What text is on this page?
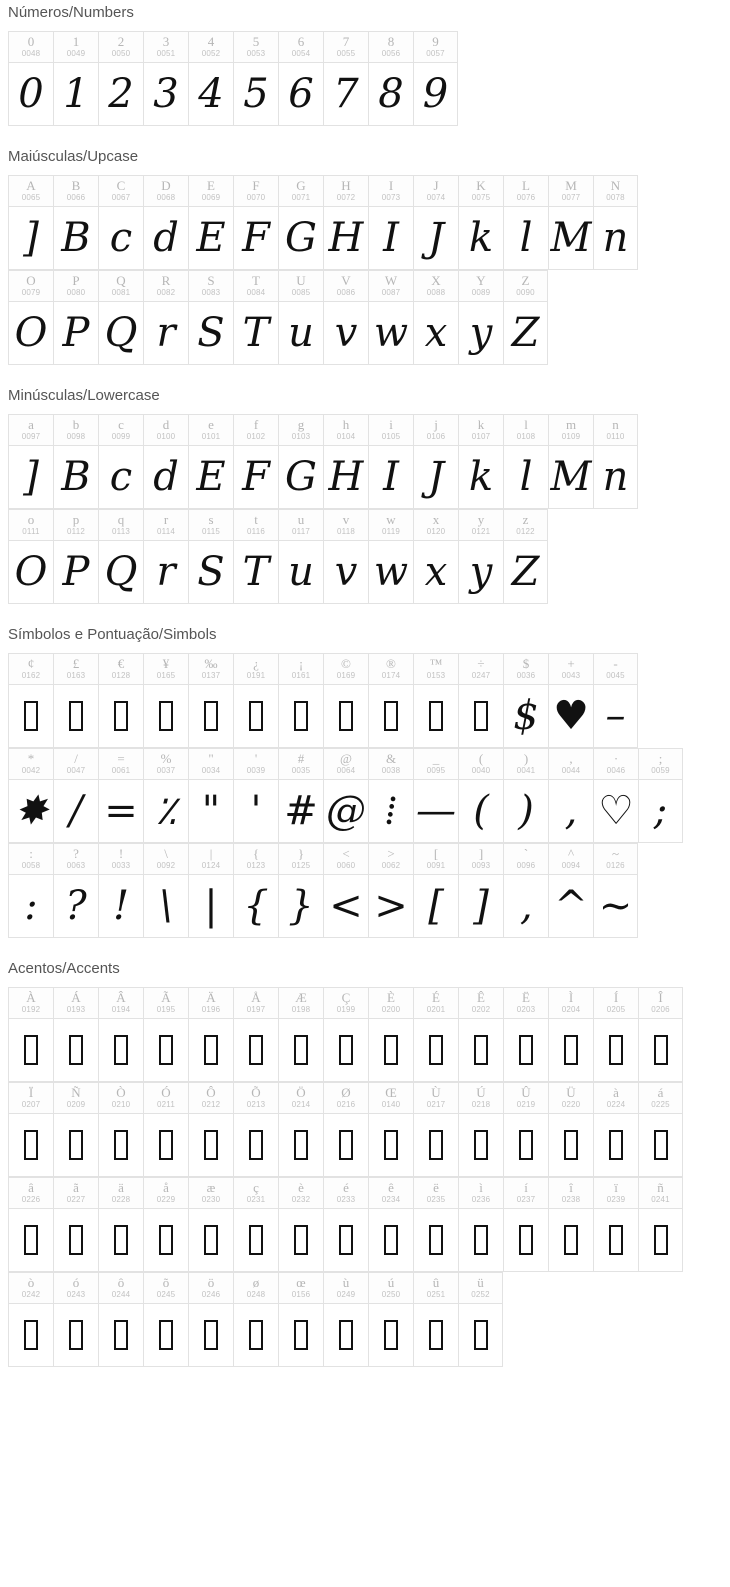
Números/Numbers
0
0048
0
1
0049
1
2
0050
2
3
0051
3
4
0052
4
5
0053
5
6
0054
6
7
0055
7
8
0056
8
9
0057
9
Maiúsculas/Upcase
A
0065
]
B
0066
B
C
0067
c
D
0068
d
E
0069
E
F
0070
F
G
0071
G
H
0072
H
I
0073
I
J
0074
J
K
0075
k
L
0076
l
M
0077
M
N
0078
n
O
0079
O
P
0080
P
Q
0081
Q
R
0082
r
S
0083
S
T
0084
T
U
0085
u
V
0086
v
W
0087
w
X
0088
x
Y
0089
y
Z
0090
Z
Minúsculas/Lowercase
a
0097
]
b
0098
B
c
0099
c
d
0100
d
e
0101
E
f
0102
F
g
0103
G
h
0104
H
i
0105
I
j
0106
J
k
0107
k
l
0108
l
m
0109
M
n
0110
n
o
0111
O
p
0112
P
q
0113
Q
r
0114
r
s
0115
S
t
0116
T
u
0117
u
v
0118
v
w
0119
w
x
0120
x
y
0121
y
z
0122
Z
Símbolos e Pontuação/Simbols
¢
0162
£
0163
€
0128
¥
0165
‰
0137
¿
0191
¡
0161
©
0169
®
0174
™
0153
÷
0247
$
0036
$
+
0043
♥
-
0045
–
*
0042
✸
/
0047
/
=
0061
=
%
0037
٪
"
0034
"
'
0039
'
#
0035
#
@
0064
@
&
0038
⁞
_
0095
—
(
0040
(
)
0041
)
,
0044
,
·
0046
♡
;
0059
;
:
0058
:
?
0063
?
!
0033
!
\
0092
\
|
0124
|
{
0123
{
}
0125
}
<
0060
<
>
0062
>
[
0091
[
]
0093
]
`
0096
‚
^
0094
^
~
0126
~
Acentos/Accents
À
0192
Á
0193
Â
0194
Ã
0195
Ä
0196
Å
0197
Æ
0198
Ç
0199
È
0200
É
0201
Ê
0202
Ë
0203
Ì
0204
Í
0205
Î
0206
Ï
0207
Ñ
0209
Ò
0210
Ó
0211
Ô
0212
Õ
0213
Ö
0214
Ø
0216
Œ
0140
Ù
0217
Ú
0218
Û
0219
Ü
0220
à
0224
á
0225
â
0226
ã
0227
ä
0228
å
0229
æ
0230
ç
0231
è
0232
é
0233
ê
0234
ë
0235
ì
0236
í
0237
î
0238
ï
0239
ñ
0241
ò
0242
ó
0243
ô
0244
õ
0245
ö
0246
ø
0248
œ
0156
ù
0249
ú
0250
û
0251
ü
0252
